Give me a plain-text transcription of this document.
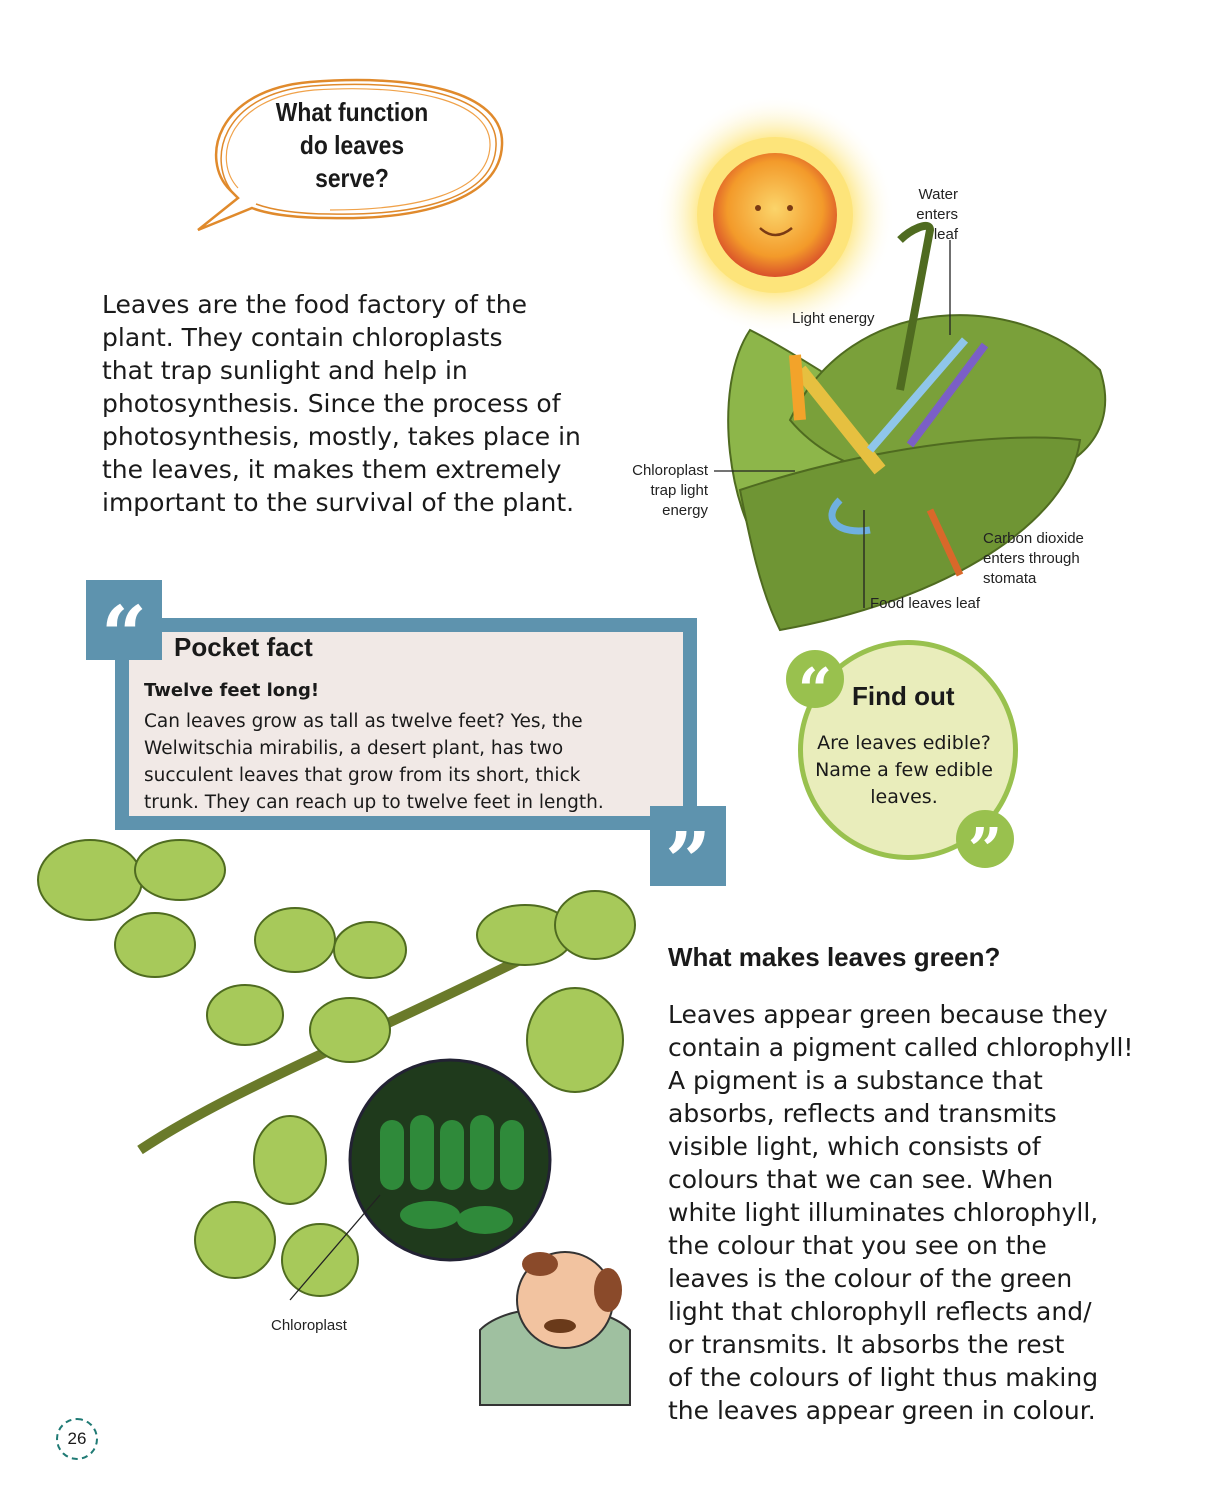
What function
do leaves
serve?

Leaves are the food factory of the
plant. They contain chloroplasts
that trap sunlight and help in
photosynthesis. Since the process of
photosynthesis, mostly, takes place in
the leaves, it makes them extremely
important to the survival of the plant.

Water
enters
leaf
Light energy
Chloroplast
trap light
energy
Carbon dioxide
enters through
stomata
Food leaves leaf
“
”
Pocket fact
Twelve feet long!
Can leaves grow as tall as twelve feet? Yes, the
Welwitschia mirabilis, a desert plant, has two
succulent leaves that grow from its short, thick
trunk. They can reach up to twelve feet in length.
“
”
Find out
Are leaves edible?
Name a few edible
leaves.
Chloroplast
What makes leaves green?

Leaves appear green because they
contain a pigment called chlorophyll!
A pigment is a substance that
absorbs, reflects and transmits
visible light, which consists of
colours that we can see. When
white light illuminates chlorophyll,
the colour that you see on the
leaves is the colour of the green
light that chlorophyll reflects and/
or transmits. It absorbs the rest
of the colours of light thus making
the leaves appear green in colour.

26
